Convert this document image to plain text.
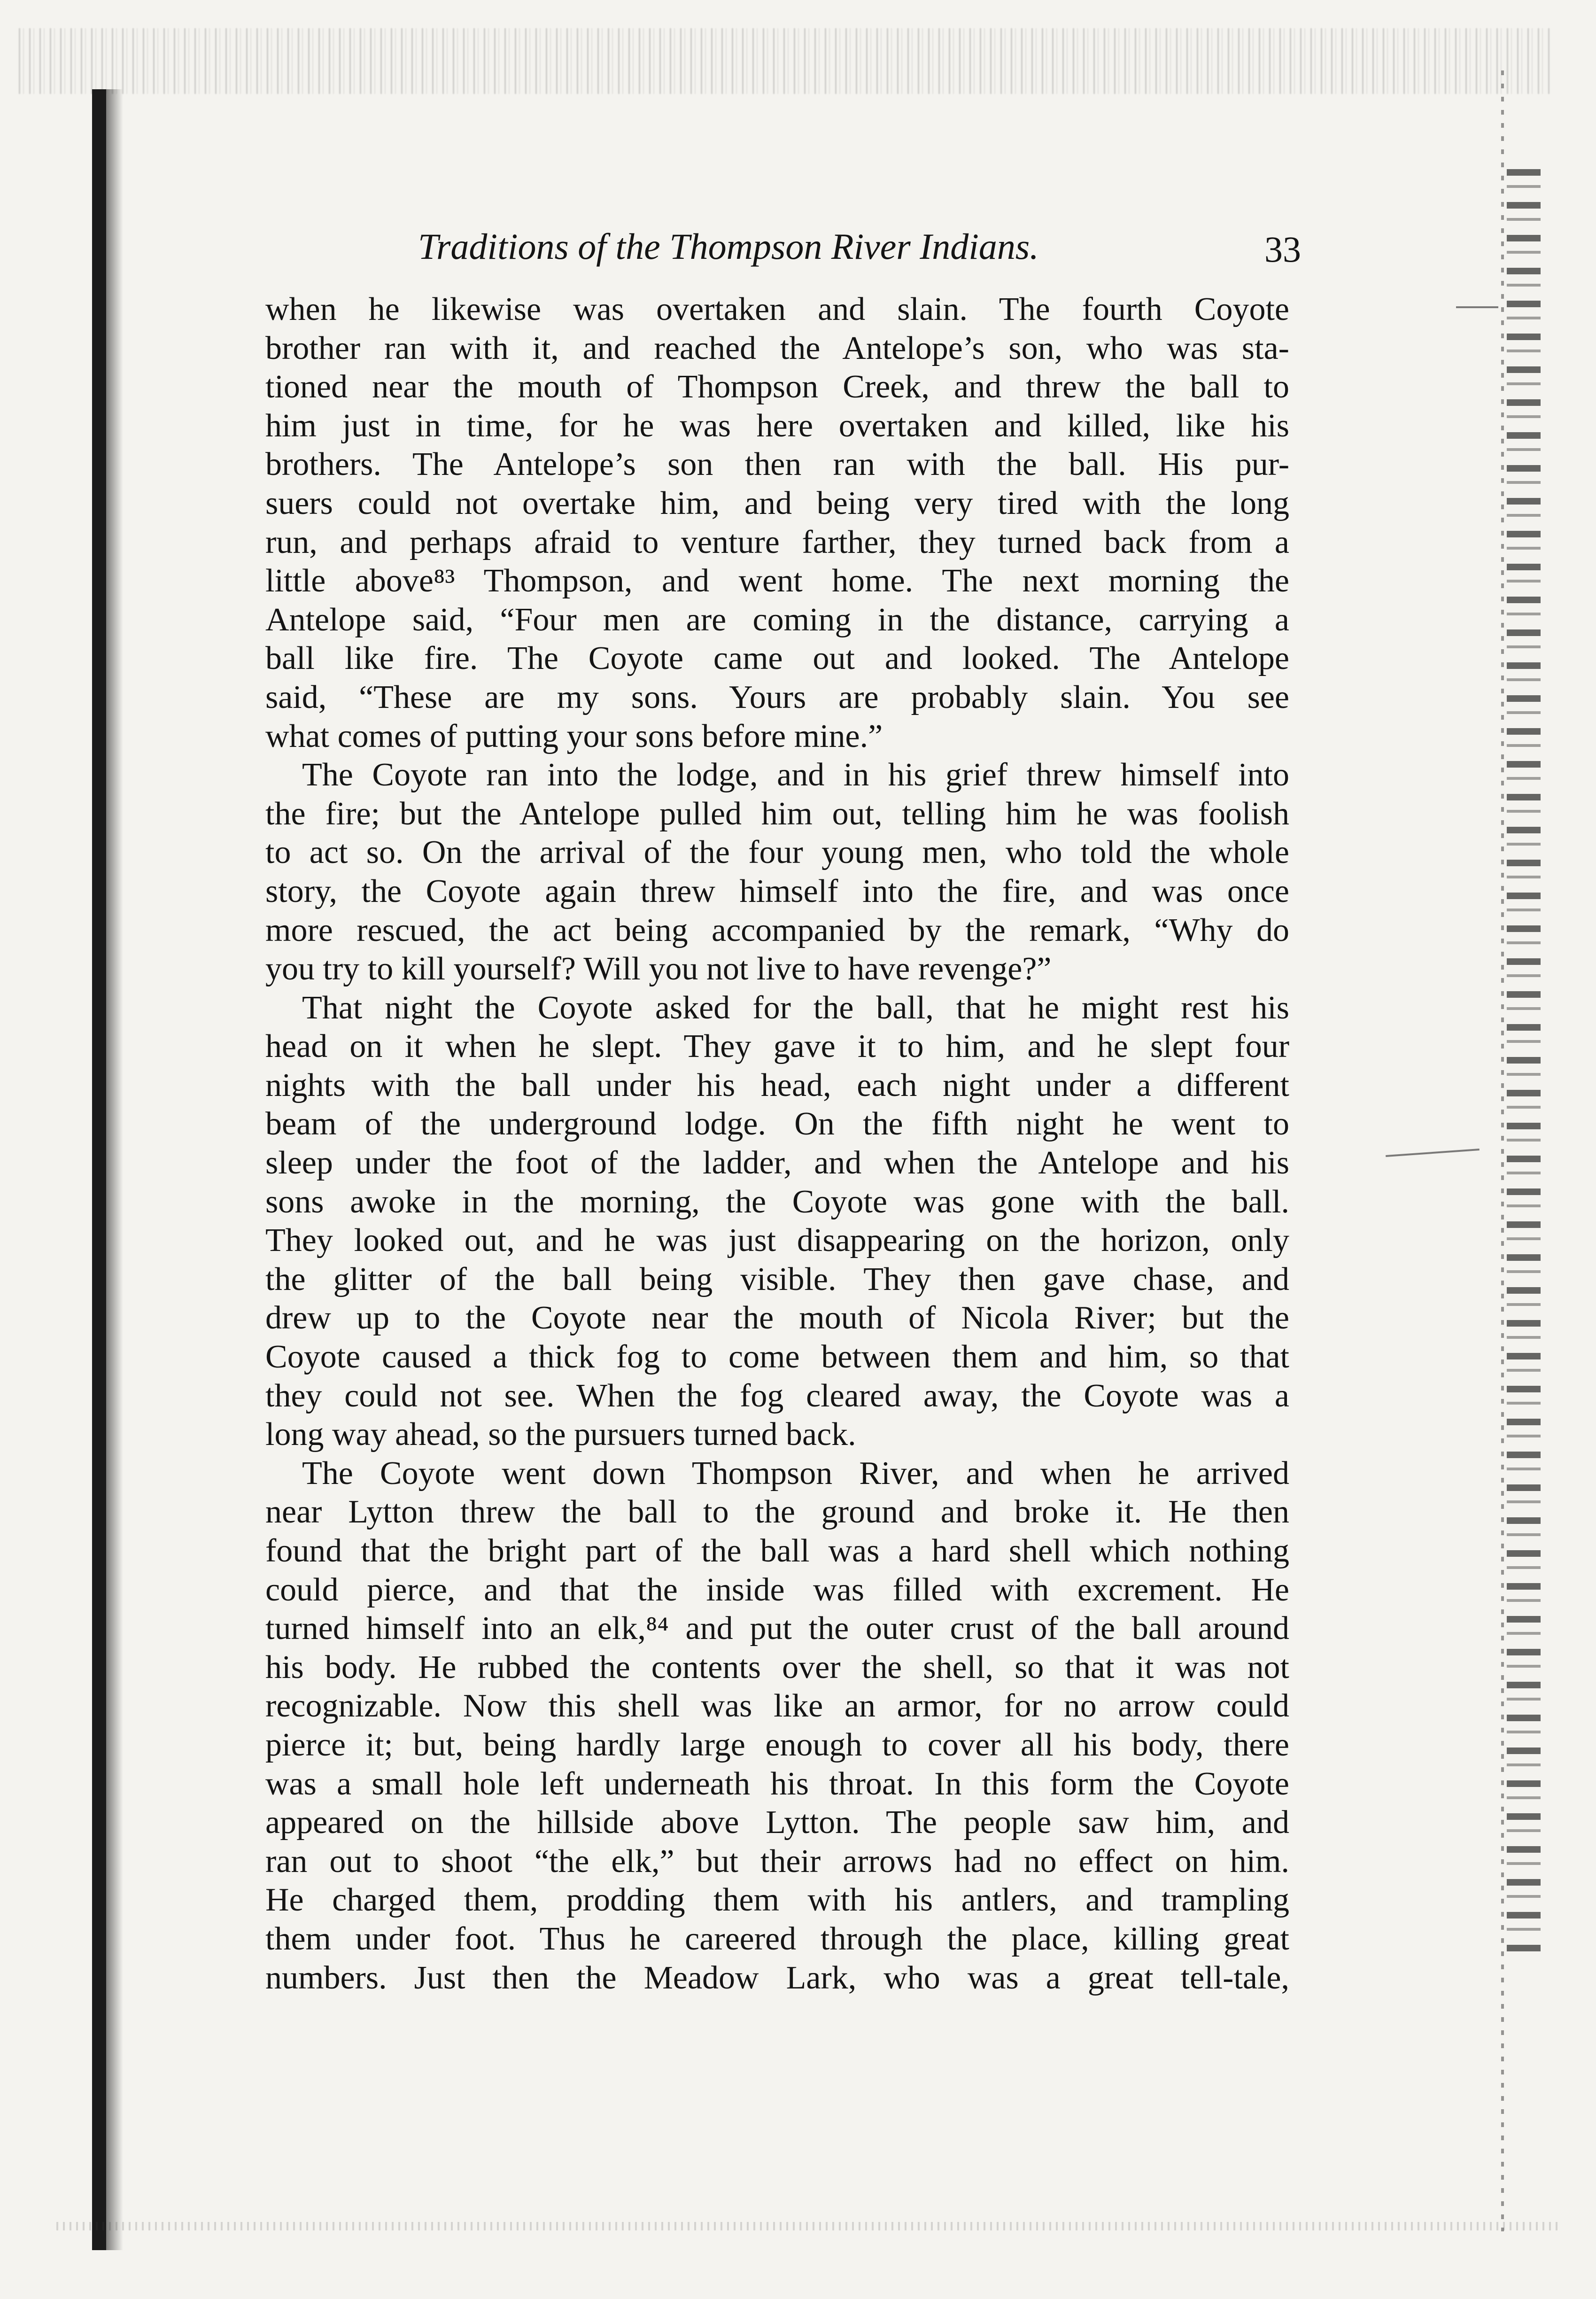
Traditions of the Thompson River Indians.	33
when he likewise was overtaken and slain. The fourth Coyote
brother ran with it, and reached the Antelope’s son, who was sta-
tioned near the mouth of Thompson Creek, and threw the ball to
him just in time, for he was here overtaken and killed, like his
brothers. The Antelope’s son then ran with the ball. His pur-
suers could not overtake him, and being very tired with the long
run, and perhaps afraid to venture farther, they turned back from a
little above⁸³ Thompson, and went home. The next morning the
Antelope said, “Four men are coming in the distance, carrying a
ball like fire. The Coyote came out and looked. The Antelope
said, “These are my sons. Yours are probably slain. You see
what comes of putting your sons before mine.”
The Coyote ran into the lodge, and in his grief threw himself into
the fire; but the Antelope pulled him out, telling him he was foolish
to act so. On the arrival of the four young men, who told the whole
story, the Coyote again threw himself into the fire, and was once
more rescued, the act being accompanied by the remark, “Why do
you try to kill yourself? Will you not live to have revenge?”
That night the Coyote asked for the ball, that he might rest his
head on it when he slept. They gave it to him, and he slept four
nights with the ball under his head, each night under a different
beam of the underground lodge. On the fifth night he went to
sleep under the foot of the ladder, and when the Antelope and his
sons awoke in the morning, the Coyote was gone with the ball.
They looked out, and he was just disappearing on the horizon, only
the glitter of the ball being visible. They then gave chase, and
drew up to the Coyote near the mouth of Nicola River; but the
Coyote caused a thick fog to come between them and him, so that
they could not see. When the fog cleared away, the Coyote was a
long way ahead, so the pursuers turned back.
The Coyote went down Thompson River, and when he arrived
near Lytton threw the ball to the ground and broke it. He then
found that the bright part of the ball was a hard shell which nothing
could pierce, and that the inside was filled with excrement. He
turned himself into an elk,⁸⁴ and put the outer crust of the ball around
his body. He rubbed the contents over the shell, so that it was not
recognizable. Now this shell was like an armor, for no arrow could
pierce it; but, being hardly large enough to cover all his body, there
was a small hole left underneath his throat. In this form the Coyote
appeared on the hillside above Lytton. The people saw him, and
ran out to shoot “the elk,” but their arrows had no effect on him.
He charged them, prodding them with his antlers, and trampling
them under foot. Thus he careered through the place, killing great
numbers. Just then the Meadow Lark, who was a great tell-tale,
